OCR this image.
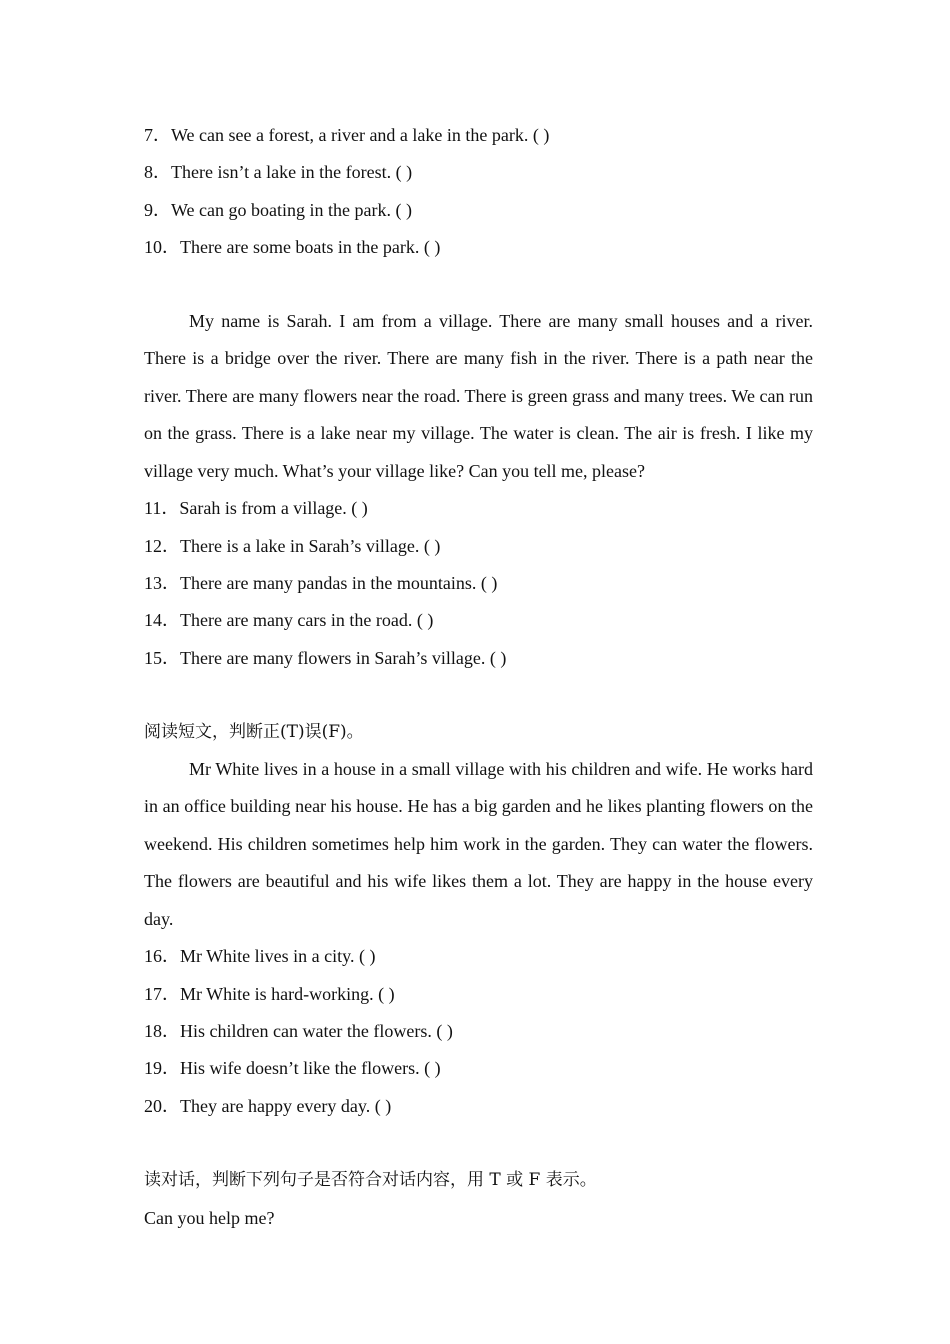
7．We can see a forest, a river and a lake in the park. ( )
8．There isn’t a lake in the forest. ( )
9．We can go boating in the park. ( )
10．There are some boats in the park. ( )

My name is Sarah. I am from a village. There are many small houses and a river. There is a bridge over the river. There are many fish in the river. There is a path near the river. There are many flowers near the road. There is green grass and many trees. We can run on the grass. There is a lake near my village. The water is clean. The air is fresh. I like my village very much. What’s your village like? Can you tell me, please?

11．Sarah is from a village. ( )
12．There is a lake in Sarah’s village. ( )
13．There are many pandas in the mountains. ( )
14．There are many cars in the road. ( )
15．There are many flowers in Sarah’s village. ( )
阅读短文，判断正(T)误(F)。

Mr White lives in a house in a small village with his children and wife. He works hard in an office building near his house. He has a big garden and he likes planting flowers on the weekend. His children sometimes help him work in the garden. They can water the flowers. The flowers are beautiful and his wife likes them a lot. They are happy in the house every day.

16．Mr White lives in a city. ( )
17．Mr White is hard-working. ( )
18．His children can water the flowers. ( )
19．His wife doesn’t like the flowers. ( )
20．They are happy every day. ( )
读对话，判断下列句子是否符合对话内容，用 T 或 F 表示。
Can you help me?
